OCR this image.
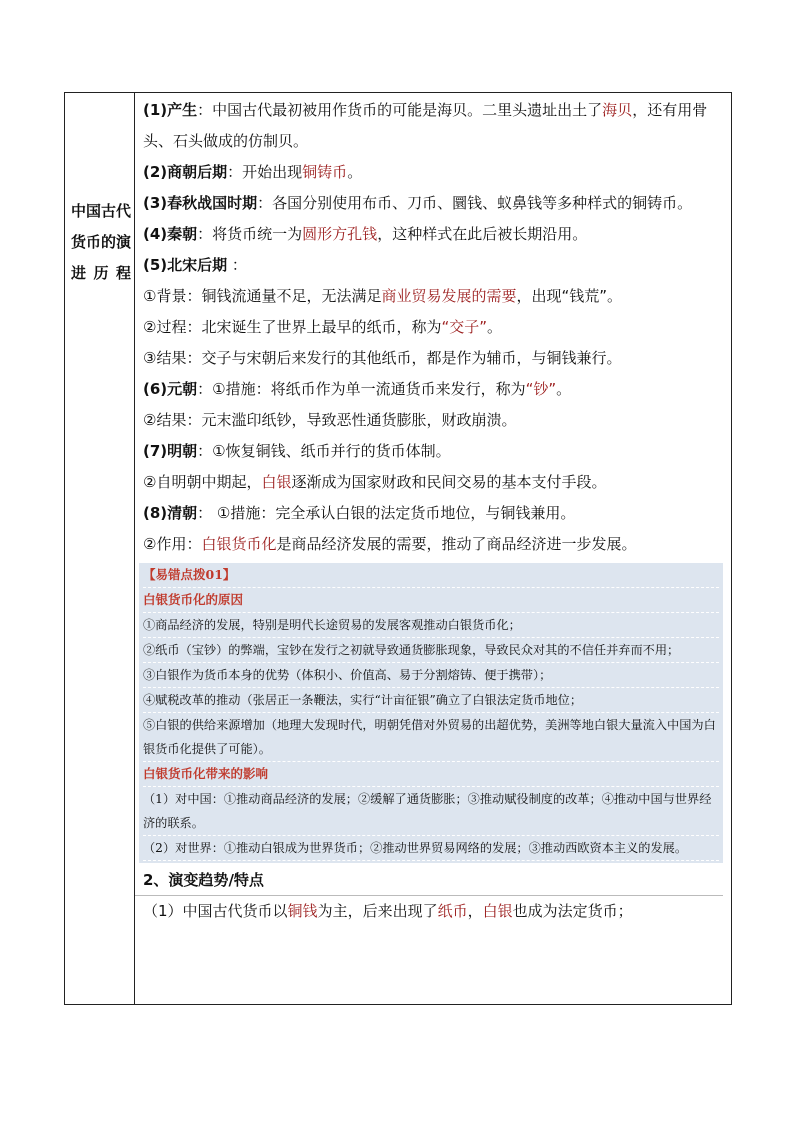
中国古代货币的演进历程
(1)产生：中国古代最初被用作货币的可能是海贝。二里头遗址出土了海贝，还有用骨头、石头做成的仿制贝。
(2)商朝后期：开始出现铜铸币。
(3)春秋战国时期：各国分别使用布币、刀币、圜钱、蚁鼻钱等多种样式的铜铸币。
(4)秦朝：将货币统一为圆形方孔钱，这种样式在此后被长期沿用。
(5)北宋后期 ：
①背景：铜钱流通量不足，无法满足商业贸易发展的需要，出现“钱荒”。
②过程：北宋诞生了世界上最早的纸币，称为“交子”。
③结果：交子与宋朝后来发行的其他纸币，都是作为辅币，与铜钱兼行。
(6)元朝：①措施：将纸币作为单一流通货币来发行，称为“钞”。
②结果：元末滥印纸钞，导致恶性通货膨胀，财政崩溃。
(7)明朝：①恢复铜钱、纸币并行的货币体制。
②自明朝中期起，白银逐渐成为国家财政和民间交易的基本支付手段。
(8)清朝： ①措施：完全承认白银的法定货币地位，与铜钱兼用。
②作用：白银货币化是商品经济发展的需要，推动了商品经济进一步发展。
【易错点拨01】
白银货币化的原因
①商品经济的发展，特别是明代长途贸易的发展客观推动白银货币化；
②纸币（宝钞）的弊端，宝钞在发行之初就导致通货膨胀现象，导致民众对其的不信任并弃而不用；
③白银作为货币本身的优势（体积小、价值高、易于分割熔铸、便于携带）；
④赋税改革的推动（张居正一条鞭法，实行“计亩征银”确立了白银法定货币地位；
⑤白银的供给来源增加（地理大发现时代，明朝凭借对外贸易的出超优势，美洲等地白银大量流入中国为白银货币化提供了可能）。
白银货币化带来的影响
（1）对中国：①推动商品经济的发展；②缓解了通货膨胀；③推动赋役制度的改革；④推动中国与世界经济的联系。
（2）对世界：①推动白银成为世界货币；②推动世界贸易网络的发展；③推动西欧资本主义的发展。
2、演变趋势/特点
（1）中国古代货币以铜钱为主，后来出现了纸币，白银也成为法定货币；
